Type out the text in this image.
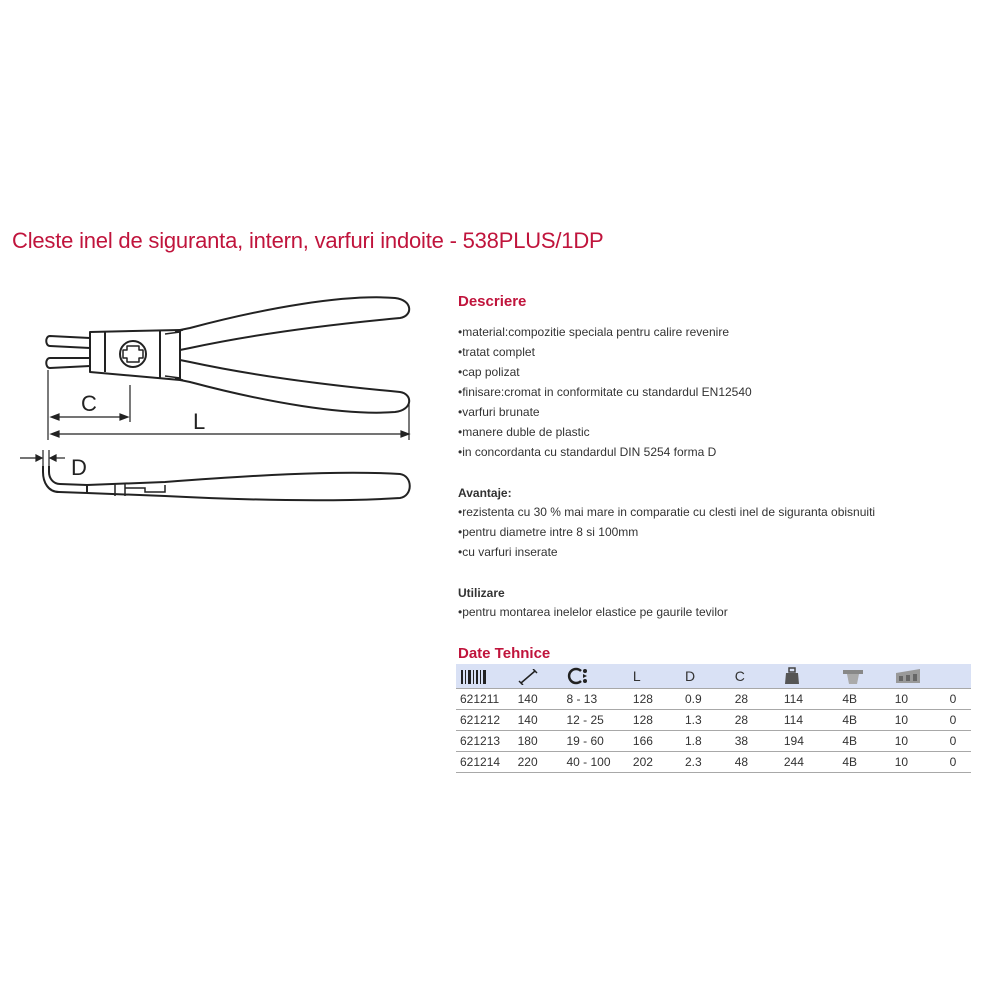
Cleste inel de siguranta, intern, varfuri indoite - 538PLUS/1DP
C
L
D
Descriere
• material:compozitie speciala pentru calire revenire
• tratat complet
• cap polizat
• finisare:cromat in conformitate cu standardul EN12540
• varfuri brunate
• manere duble de plastic
• in concordanta cu standardul DIN 5254 forma D
Avantaje:
• rezistenta cu 30 % mai mare in comparatie cu clesti inel de siguranta obisnuiti
• pentru diametre intre 8 si 100mm
• cu varfuri inserate
Utilizare
• pentru montarea inelelor elastice pe gaurile tevilor
Date Tehnice
			L	D	C				
621211	140	8 - 13	128	0.9	28	114	4B	10	0
621212	140	12 - 25	128	1.3	28	114	4B	10	0
621213	180	19 - 60	166	1.8	38	194	4B	10	0
621214	220	40 - 100	202	2.3	48	244	4B	10	0
